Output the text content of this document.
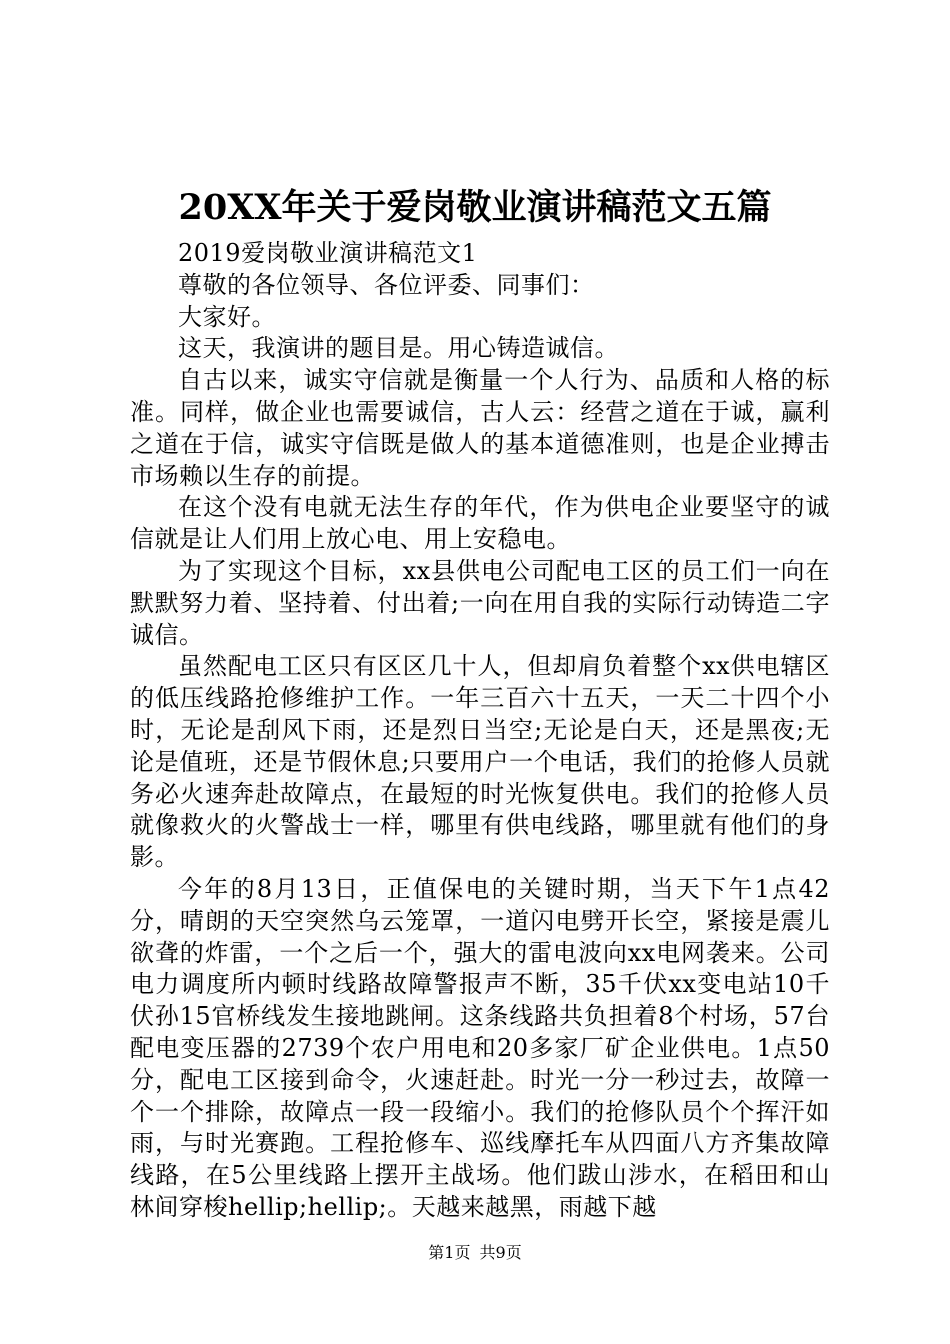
20XX年关于爱岗敬业演讲稿范文五篇

2019爱岗敬业演讲稿范文1

尊敬的各位领导、各位评委、同事们：

大家好。

这天，我演讲的题目是。用心铸造诚信。

自古以来，诚实守信就是衡量一个人行为、品质和人格的标准。同样，做企业也需要诚信，古人云：经营之道在于诚，赢利之道在于信，诚实守信既是做人的基本道德准则，也是企业搏击市场赖以生存的前提。

在这个没有电就无法生存的年代，作为供电企业要坚守的诚信就是让人们用上放心电、用上安稳电。

为了实现这个目标，xx县供电公司配电工区的员工们一向在默默努力着、坚持着、付出着;一向在用自我的实际行动铸造二字诚信。

虽然配电工区只有区区几十人，但却肩负着整个xx供电辖区的低压线路抢修维护工作。一年三百六十五天，一天二十四个小时，无论是刮风下雨，还是烈日当空;无论是白天，还是黑夜;无论是值班，还是节假休息;只要用户一个电话，我们的抢修人员就务必火速奔赴故障点，在最短的时光恢复供电。我们的抢修人员就像救火的火警战士一样，哪里有供电线路，哪里就有他们的身影。

今年的8月13日，正值保电的关键时期，当天下午1点42分，晴朗的天空突然乌云笼罩，一道闪电劈开长空，紧接是震儿欲聋的炸雷，一个之后一个，强大的雷电波向xx电网袭来。公司电力调度所内顿时线路故障警报声不断，35千伏xx变电站10千伏孙15官桥线发生接地跳闸。这条线路共负担着8个村场，57台配电变压器的2739个农户用电和20多家厂矿企业供电。1点50分，配电工区接到命令，火速赶赴。时光一分一秒过去，故障一个一个排除，故障点一段一段缩小。我们的抢修队员个个挥汗如雨，与时光赛跑。工程抢修车、巡线摩托车从四面八方齐集故障线路，在5公里线路上摆开主战场。他们跋山涉水，在稻田和山林间穿梭hellip;hellip;。天越来越黑，雨越下越

第1页 共9页
